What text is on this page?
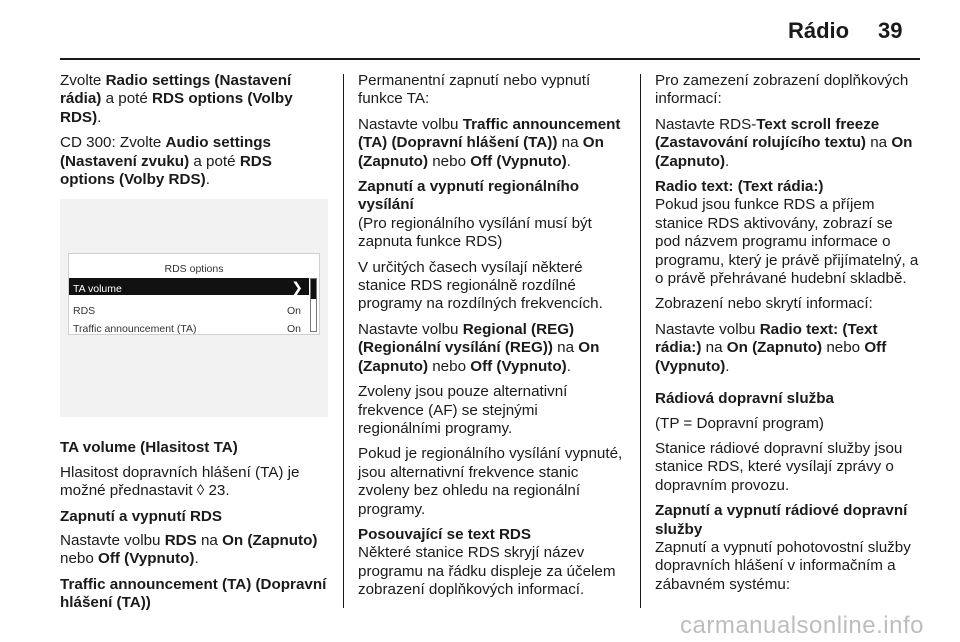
Rádio 39

Zvolte Radio settings (Nastavení rádia) a poté RDS options (Volby RDS).

CD 300: Zvolte Audio settings (Nastavení zvuku) a poté RDS options (Volby RDS).

RDS options
TA volume	❯
RDS	On
Traffic announcement (TA)	On

TA volume (Hlasitost TA)

Hlasitost dopravních hlášení (TA) je možné přednastavit ◊ 23.

Zapnutí a vypnutí RDS

Nastavte volbu RDS na On (Zapnuto) nebo Off (Vypnuto).

Traffic announcement (TA) (Dopravní hlášení (TA))

Permanentní zapnutí nebo vypnutí funkce TA:

Nastavte volbu Traffic announcement (TA) (Dopravní hlášení (TA)) na On (Zapnuto) nebo Off (Vypnuto).

Zapnutí a vypnutí regionálního vysílání

(Pro regionálního vysílání musí být zapnuta funkce RDS)

V určitých časech vysílají některé stanice RDS regionálně rozdílné programy na rozdílných frekvencích.

Nastavte volbu Regional (REG) (Regionální vysílání (REG)) na On (Zapnuto) nebo Off (Vypnuto).

Zvoleny jsou pouze alternativní frekvence (AF) se stejnými regionálními programy.

Pokud je regionálního vysílání vypnuté, jsou alternativní frekvence stanic zvoleny bez ohledu na regionální programy.

Posouvající se text RDS

Některé stanice RDS skryjí název programu na řádku displeje za účelem zobrazení doplňkových informací.

Pro zamezení zobrazení doplňkových informací:

Nastavte RDS-Text scroll freeze (Zastavování rolujícího textu) na On (Zapnuto).

Radio text: (Text rádia:)

Pokud jsou funkce RDS a příjem stanice RDS aktivovány, zobrazí se pod názvem programu informace o programu, který je právě přijímatelný, a o právě přehrávané hudební skladbě.

Zobrazení nebo skrytí informací:

Nastavte volbu Radio text: (Text rádia:) na On (Zapnuto) nebo Off (Vypnuto).

Rádiová dopravní služba

(TP = Dopravní program)

Stanice rádiové dopravní služby jsou stanice RDS, které vysílají zprávy o dopravním provozu.

Zapnutí a vypnutí rádiové dopravní služby

Zapnutí a vypnutí pohotovostní služby dopravních hlášení v informačním a zábavném systému:

carmanualsonline.info
